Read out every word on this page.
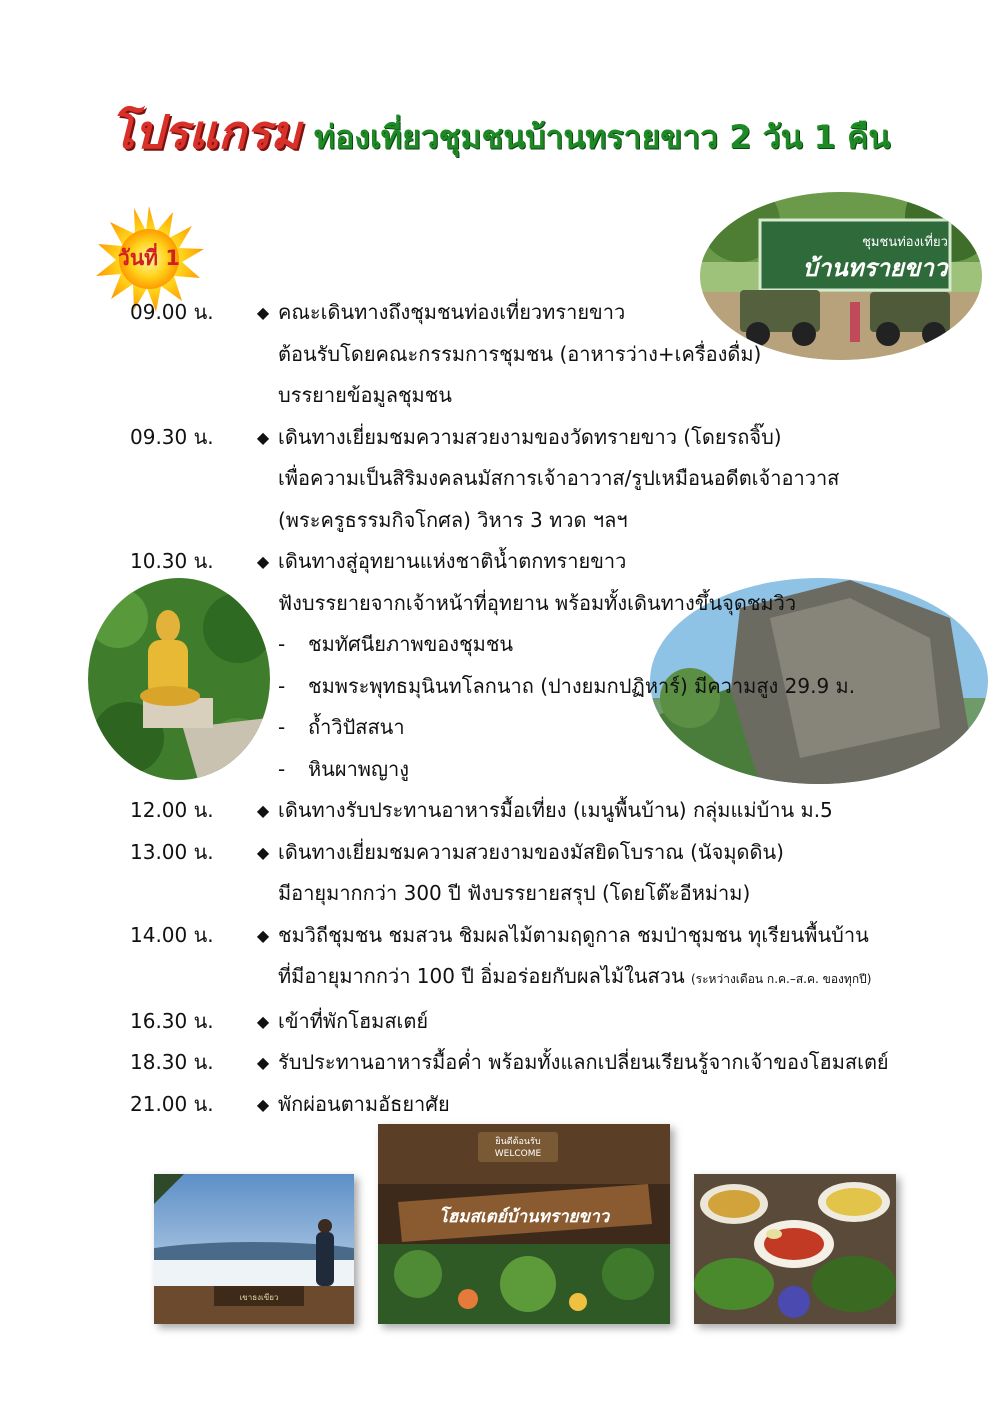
โปรแกรม ท่องเที่ยวชุมชนบ้านทรายขาว 2 วัน 1 คืน
วันที่ 1
ชุมชนท่องเที่ยว
บ้านทรายขาว
09.00 น.	◆ คณะเดินทางถึงชุมชนท่องเที่ยวทรายขาว
ต้อนรับโดยคณะกรรมการชุมชน (อาหารว่าง+เครื่องดื่ม)
บรรยายข้อมูลชุมชน
09.30 น.	◆ เดินทางเยี่ยมชมความสวยงามของวัดทรายขาว (โดยรถจิ๊บ)
เพื่อความเป็นสิริมงคลนมัสการเจ้าอาวาส/รูปเหมือนอดีตเจ้าอาวาส
(พระครูธรรมกิจโกศล) วิหาร 3 ทวด ฯลฯ
10.30 น.	◆ เดินทางสู่อุทยานแห่งชาติน้ำตกทรายขาว
ฟังบรรยายจากเจ้าหน้าที่อุทยาน พร้อมทั้งเดินทางขึ้นจุดชมวิว
-	ชมทัศนียภาพของชุมชน
-	ชมพระพุทธมุนินทโลกนาถ (ปางยมกปฏิหาร์) มีความสูง 29.9 ม.
-	ถ้ำวิปัสสนา
-	หินผาพญางู
12.00 น.	◆ เดินทางรับประทานอาหารมื้อเที่ยง (เมนูพื้นบ้าน) กลุ่มแม่บ้าน ม.5
13.00 น.	◆ เดินทางเยี่ยมชมความสวยงามของมัสยิดโบราณ (นัจมุดดิน)
มีอายุมากกว่า 300 ปี ฟังบรรยายสรุป (โดยโต๊ะอีหม่าม)
14.00 น.	◆ ชมวิถีชุมชน ชมสวน ชิมผลไม้ตามฤดูกาล ชมป่าชุมชน ทุเรียนพื้นบ้าน
ที่มีอายุมากกว่า 100 ปี อิ่มอร่อยกับผลไม้ในสวน (ระหว่างเดือน ก.ค.–ส.ค. ของทุกปี)
16.30 น.	◆ เข้าที่พักโฮมสเตย์
18.30 น.	◆ รับประทานอาหารมื้อค่ำ พร้อมทั้งแลกเปลี่ยนเรียนรู้จากเจ้าของโฮมสเตย์
21.00 น.	◆ พักผ่อนตามอัธยาศัย
เขาธงเขียว
ยินดีต้อนรับ
WELCOME
โฮมสเตย์บ้านทรายขาว
